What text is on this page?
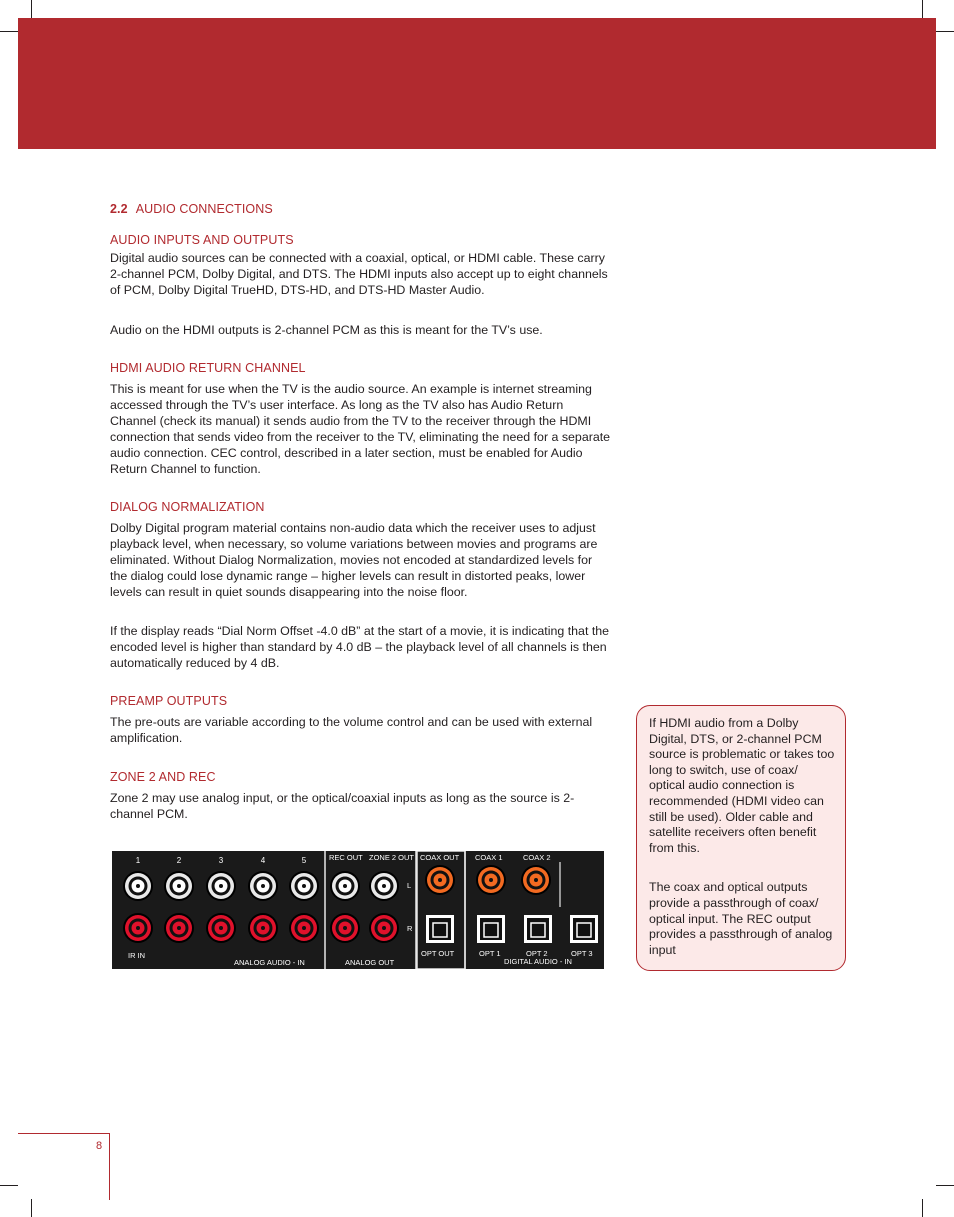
2.2 AUDIO CONNECTIONS
AUDIO INPUTS AND OUTPUTS

Digital audio sources can be connected with a coaxial, optical, or HDMI cable. These carry 2-channel PCM, Dolby Digital, and DTS. The HDMI inputs also accept up to eight channels of PCM, Dolby Digital TrueHD, DTS-HD, and DTS-HD Master Audio.

Audio on the HDMI outputs is 2-channel PCM as this is meant for the TV’s use.

HDMI AUDIO RETURN CHANNEL

This is meant for use when the TV is the audio source. An example is internet streaming accessed through the TV’s user interface. As long as the TV also has Audio Return Channel (check its manual) it sends audio from the TV to the receiver through the HDMI connection that sends video from the receiver to the TV, eliminating the need for a separate audio connection. CEC control, described in a later section, must be enabled for Audio Return Channel to function.

DIALOG NORMALIZATION

Dolby Digital program material contains non-audio data which the receiver uses to adjust playback level, when necessary, so volume variations between movies and programs are eliminated. Without Dialog Normalization, movies not encoded at standardized levels for the dialog could lose dynamic range – higher levels can result in distorted peaks, lower levels can result in quiet sounds disappearing into the noise floor.

If the display reads “Dial Norm Offset -4.0 dB” at the start of a movie, it is indicating that the encoded level is higher than standard by 4.0 dB – the playback level of all channels is then automatically reduced by 4 dB.

PREAMP OUTPUTS

The pre-outs are variable according to the volume control and can be used with external amplification.

ZONE 2 AND REC

Zone 2 may use analog input, or the optical/coaxial inputs as long as the source is 2-channel PCM.

If HDMI audio from a Dolby Digital, DTS, or 2-channel PCM source is problematic or takes too long to switch, use of coax/ optical audio connection is recommended (HDMI video can still be used). Older cable and satellite receivers often benefit from this.

The coax and optical outputs provide a passthrough of coax/ optical input. The REC output provides a passthrough of analog input

1	2	3	4	5	REC OUT ZONE 2 OUT COAX OUT COAX 1	COAX 2
L
R
IR IN
ANALOG AUDIO - IN	ANALOG OUT
OPT OUT	OPT 1	OPT 2	OPT 3
DIGITAL AUDIO - IN
8
